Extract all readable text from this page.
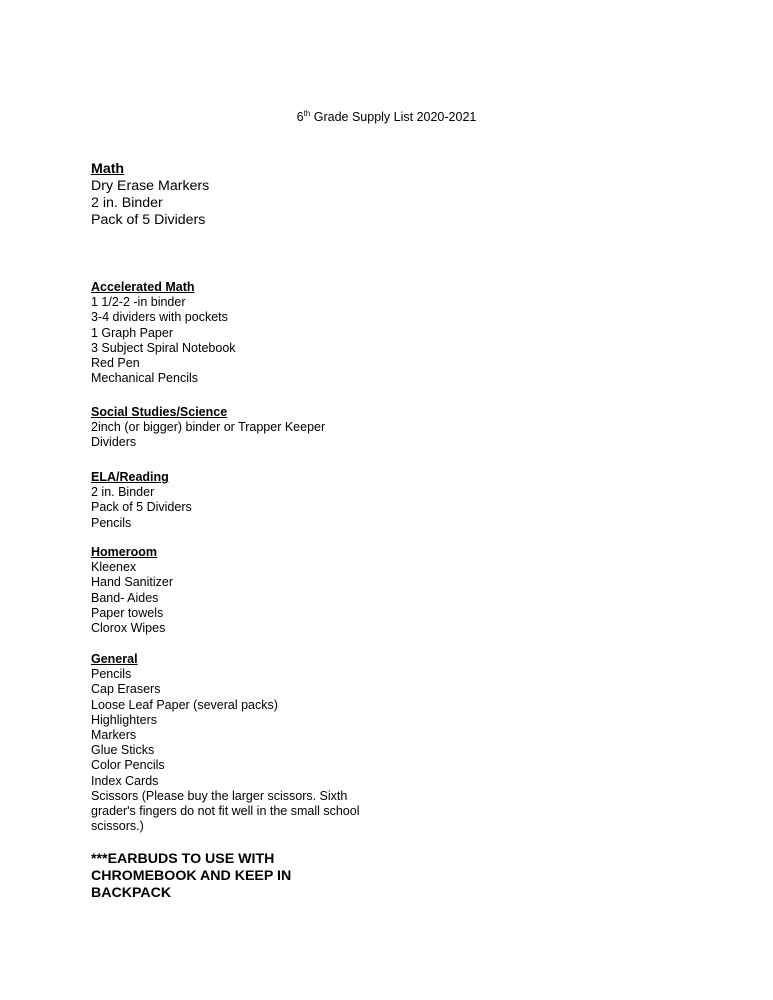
6th Grade Supply List 2020-2021
Math
Dry Erase Markers
2 in. Binder
Pack of 5 Dividers
Accelerated Math
1 1/2-2 -in binder
3-4 dividers with pockets
1 Graph Paper
3 Subject Spiral Notebook
Red Pen
Mechanical Pencils
Social Studies/Science
2inch (or bigger) binder or Trapper Keeper
Dividers
ELA/Reading
2 in. Binder
Pack of 5 Dividers
Pencils
Homeroom
Kleenex
Hand Sanitizer
Band- Aides
Paper towels
Clorox Wipes
General
Pencils
Cap Erasers
Loose Leaf Paper (several packs)
Highlighters
Markers
Glue Sticks
Color Pencils
Index Cards
Scissors (Please buy the larger scissors. Sixth
grader's fingers do not fit well in the small school
scissors.)
***EARBUDS TO USE WITH
CHROMEBOOK AND KEEP IN
BACKPACK
